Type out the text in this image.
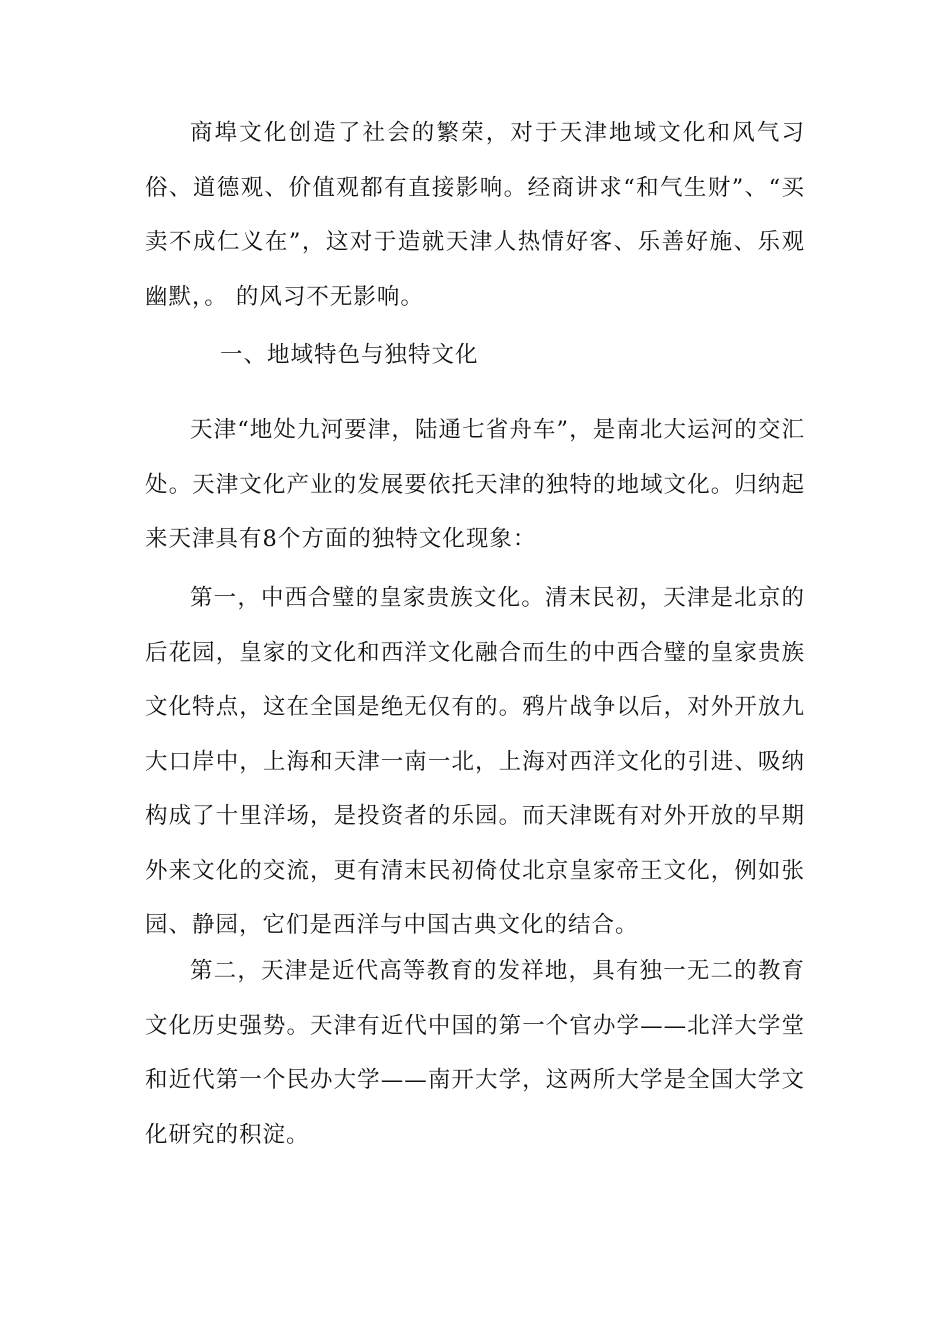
商埠文化创造了社会的繁荣，对于天津地域文化和风气习俗、道德观、价值观都有直接影响。经商讲求“和气生财”、“买卖不成仁义在”，这对于造就天津人热情好客、乐善好施、乐观幽默，。 的风习不无影响。

一、地域特色与独特文化

天津“地处九河要津，陆通七省舟车”，是南北大运河的交汇处。天津文化产业的发展要依托天津的独特的地域文化。归纳起来天津具有8个方面的独特文化现象：

第一，中西合璧的皇家贵族文化。清末民初，天津是北京的后花园，皇家的文化和西洋文化融合而生的中西合璧的皇家贵族文化特点，这在全国是绝无仅有的。鸦片战争以后，对外开放九大口岸中，上海和天津一南一北，上海对西洋文化的引进、吸纳构成了十里洋场，是投资者的乐园。而天津既有对外开放的早期外来文化的交流，更有清末民初倚仗北京皇家帝王文化，例如张园、静园，它们是西洋与中国古典文化的结合。

第二，天津是近代高等教育的发祥地，具有独一无二的教育文化历史强势。天津有近代中国的第一个官办学——北洋大学堂和近代第一个民办大学——南开大学，这两所大学是全国大学文化研究的积淀。
